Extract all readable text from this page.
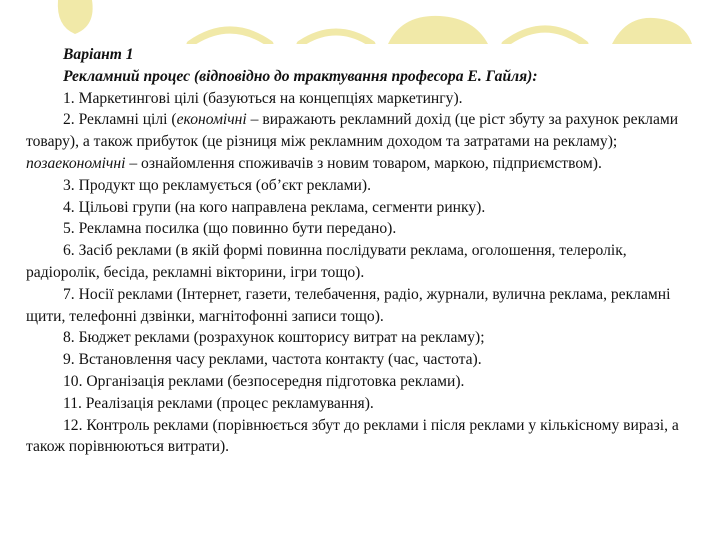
Варіант 1

Рекламний процес (відповідно до трактування професора Е. Гайля):

1. Маркетингові цілі (базуються на концепціях маркетингу).

2. Рекламні цілі (економічні – виражають рекламний дохід (це ріст збуту за рахунок реклами товару), а також прибуток (це різниця між рекламним доходом та затратами на рекламу); позаекономічні – ознайомлення споживачів з новим товаром, маркою, підприємством).

3. Продукт що рекламується (об’єкт реклами).

4. Цільові групи (на кого направлена реклама, сегменти ринку).

5. Рекламна посилка (що повинно бути передано).

6. Засіб реклами (в якій формі повинна послідувати реклама, оголошення, телеролік, радіоролік, бесіда, рекламні вікторини, ігри тощо).

7. Носії реклами (Інтернет, газети, телебачення, радіо, журнали, вулична реклама, рекламні щити, телефонні дзвінки, магнітофонні записи тощо).

8. Бюджет реклами (розрахунок кошторису витрат на рекламу);

9. Встановлення часу реклами, частота контакту (час, частота).

10. Організація реклами (безпосередня підготовка реклами).

11. Реалізація реклами (процес рекламування).

12. Контроль реклами (порівнюється збут до реклами і після реклами у кількісному виразі, а також порівнюються витрати).
